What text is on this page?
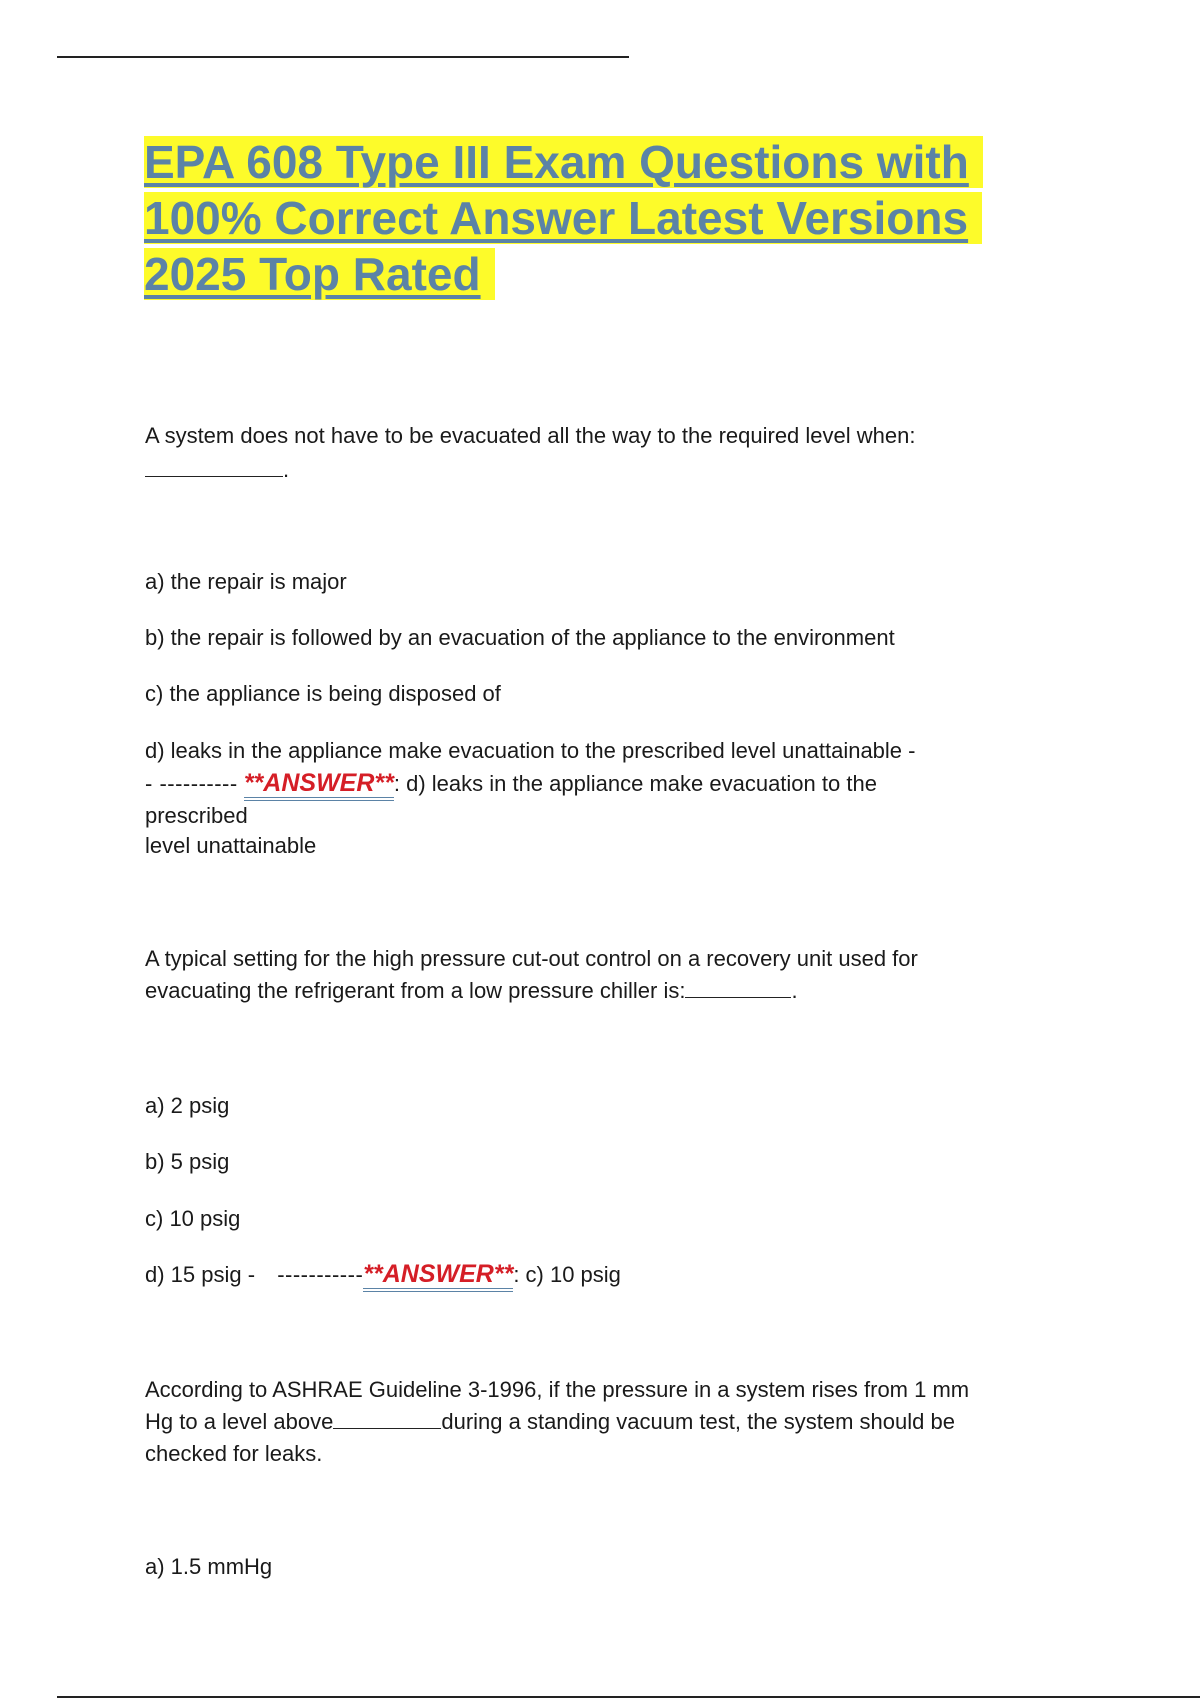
EPA 608 Type III Exam Questions with
100% Correct Answer Latest Versions
2025 Top Rated

A system does not have to be evacuated all the way to the required level when:

.

a) the repair is major

b) the repair is followed by an evacuation of the appliance to the environment

c) the appliance is being disposed of

d) leaks in the appliance make evacuation to the prescribed level unattainable -

- ---------- **ANSWER**: d) leaks in the appliance make evacuation to the

prescribed

level unattainable

A typical setting for the high pressure cut-out control on a recovery unit used for

evacuating the refrigerant from a low pressure chiller is:	.

a) 2 psig

b) 5 psig

c) 10 psig

d) 15 psig - -----------**ANSWER**: c) 10 psig

According to ASHRAE Guideline 3-1996, if the pressure in a system rises from 1 mm

Hg to a level above	during a standing vacuum test, the system should be

checked for leaks.

a) 1.5 mmHg
